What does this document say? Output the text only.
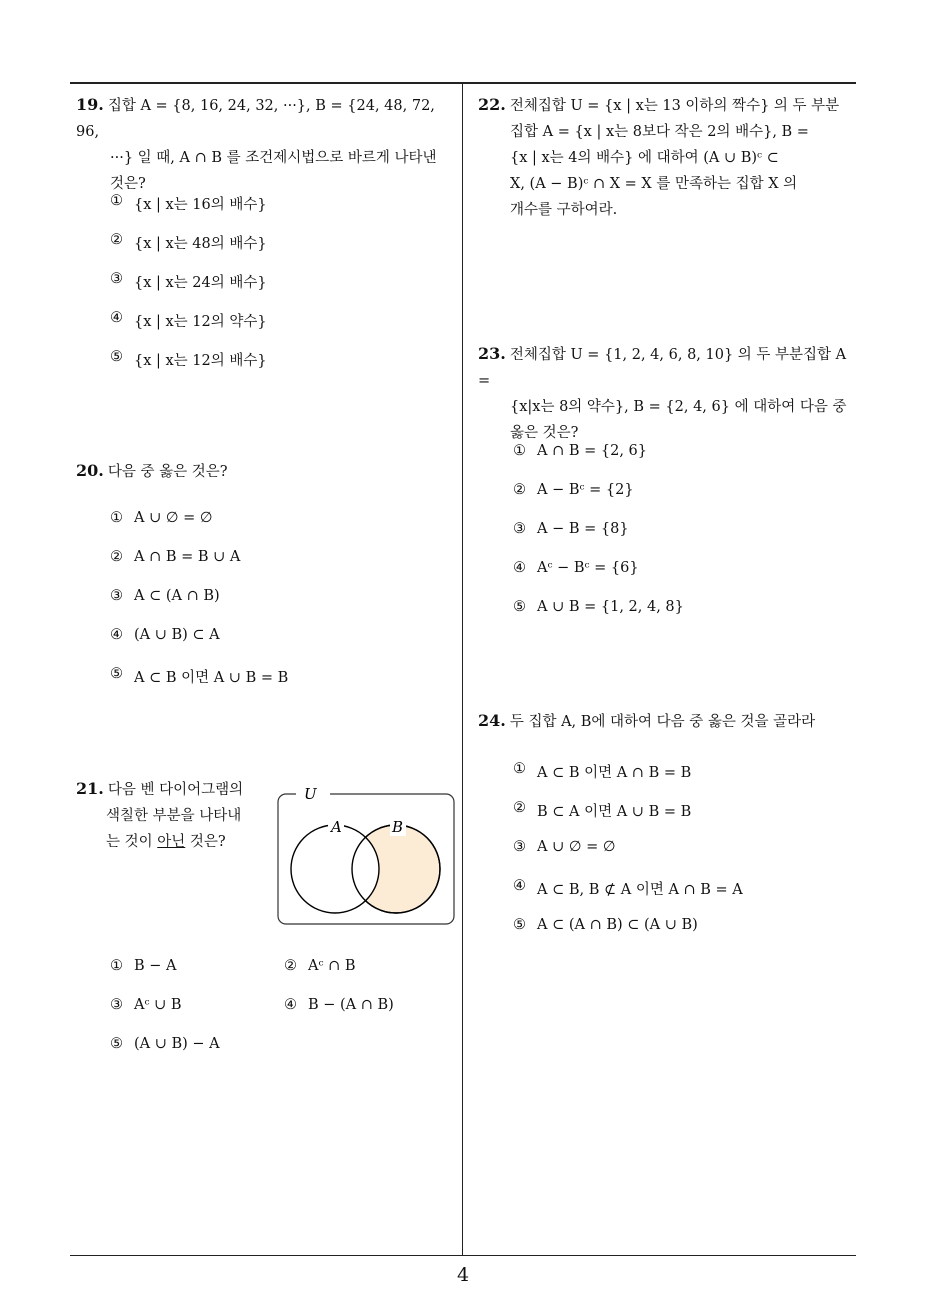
19. 집합 A = {8, 16, 24, 32, ···}, B = {24, 48, 72, 96,
···} 일 때, A ∩ B 를 조건제시법으로 바르게 나타낸
것은?
① {x | x는 16의 배수}
② {x | x는 48의 배수}
③ {x | x는 24의 배수}
④ {x | x는 12의 약수}
⑤ {x | x는 12의 배수}
20. 다음 중 옳은 것은?
① A ∪ ∅ = ∅
② A ∩ B = B ∪ A
③ A ⊂ (A ∩ B)
④ (A ∪ B) ⊂ A
⑤ A ⊂ B 이면 A ∪ B = B
21. 다음 벤 다이어그램의
색칠한 부분을 나타내
는 것이 아닌 것은?
U
A	B
① B − A	② Aᶜ ∩ B
③ Aᶜ ∪ B	④ B − (A ∩ B)
⑤ (A ∪ B) − A
22. 전체집합 U = {x | x는 13 이하의 짝수} 의 두 부분
집합 A = {x | x는 8보다 작은 2의 배수}, B =
{x | x는 4의 배수} 에 대하여 (A ∪ B)ᶜ ⊂
X, (A − B)ᶜ ∩ X = X 를 만족하는 집합 X 의
개수를 구하여라.
23. 전체집합 U = {1, 2, 4, 6, 8, 10} 의 두 부분집합 A =
{x|x는 8의 약수}, B = {2, 4, 6} 에 대하여 다음 중
옳은 것은?
① A ∩ B = {2, 6}
② A − Bᶜ = {2}
③ A − B = {8}
④ Aᶜ − Bᶜ = {6}
⑤ A ∪ B = {1, 2, 4, 8}
24. 두 집합 A, B에 대하여 다음 중 옳은 것을 골라라
① A ⊂ B 이면 A ∩ B = B
② B ⊂ A 이면 A ∪ B = B
③ A ∪ ∅ = ∅
④ A ⊂ B, B ⊄ A 이면 A ∩ B = A
⑤ A ⊂ (A ∩ B) ⊂ (A ∪ B)
4
